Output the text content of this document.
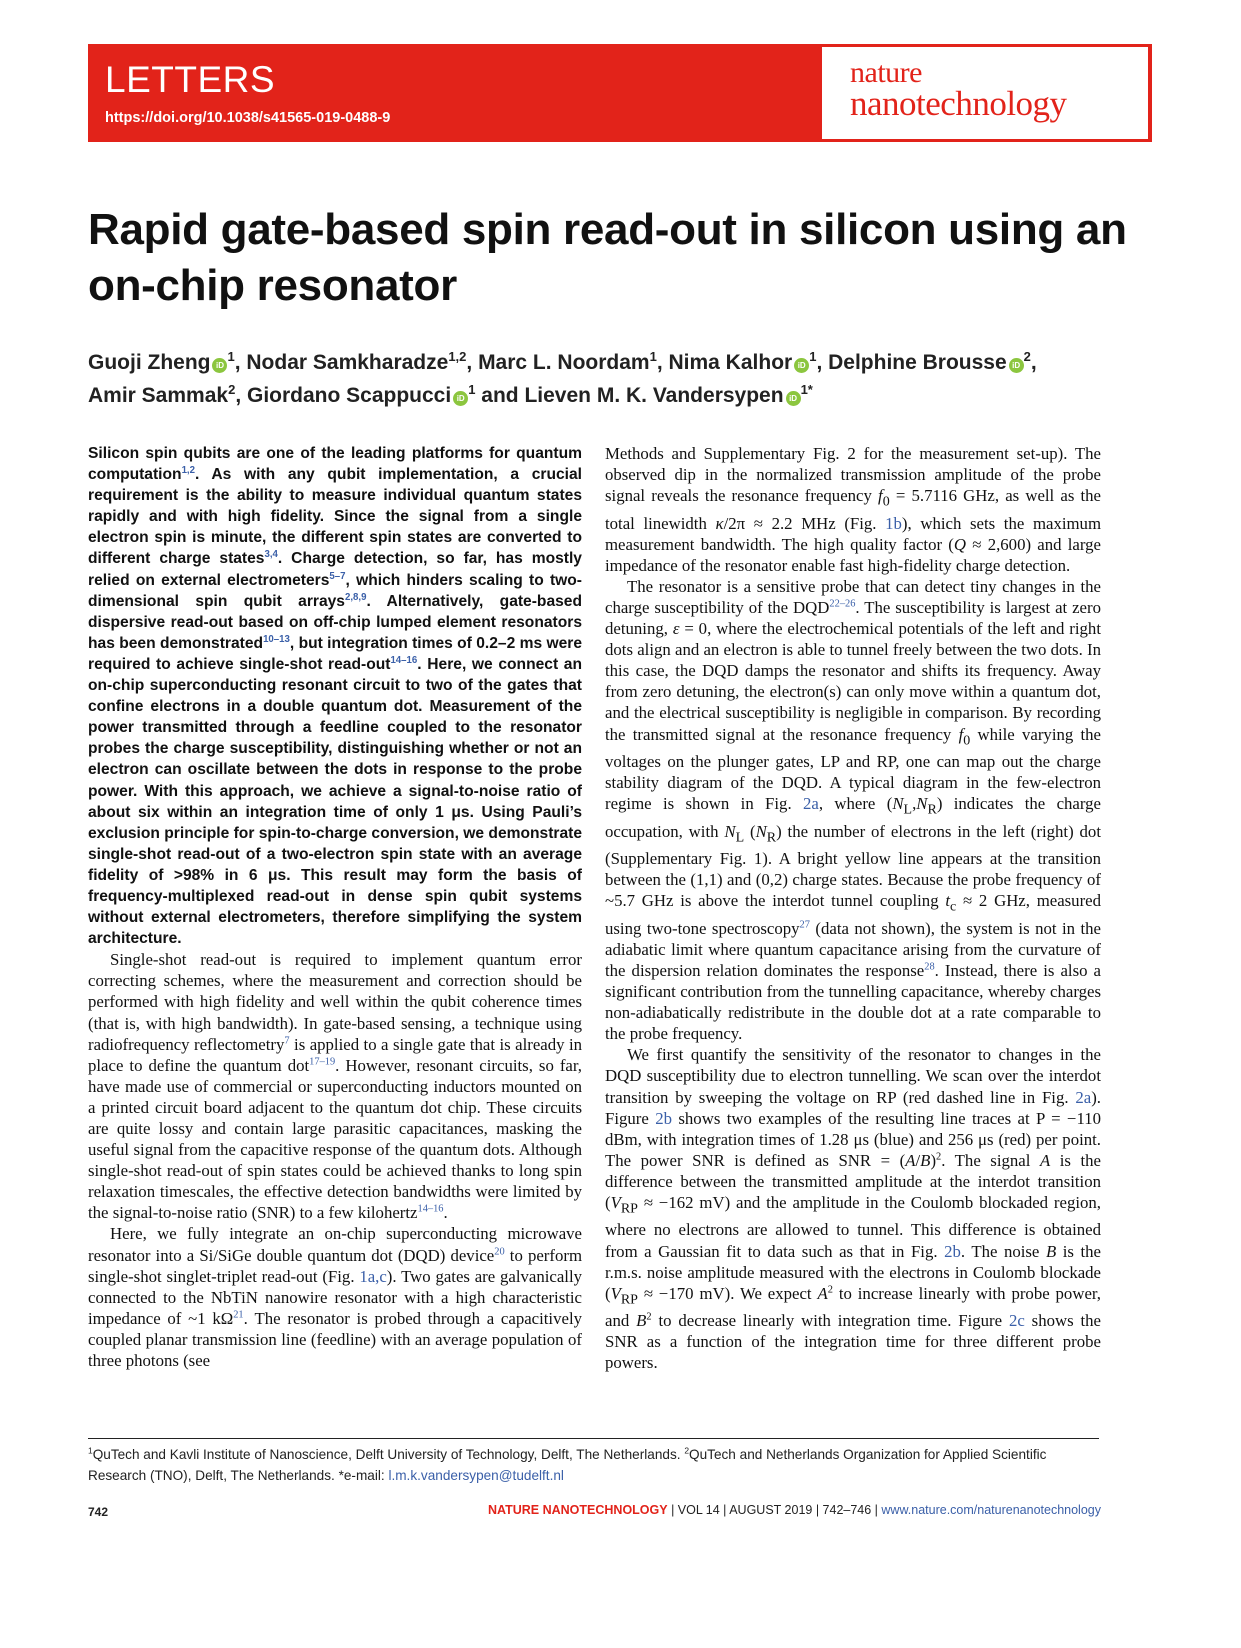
LETTERS
https://doi.org/10.1038/s41565-019-0488-9
nature
nanotechnology
Rapid gate-based spin read-out in silicon using an on-chip resonator
Guoji Zheng $iD^1$, Nodar Samkharadze$^{1,2}$, Marc L. Noordam$^1$, Nima Kalhor $iD^1$, Delphine Brousse $iD^2$,
Amir Sammak$^2$, Giordano Scappucci $iD^1$ and Lieven M. K. Vandersypen $iD^{1*}$

Silicon spin qubits are one of the leading platforms for quantum computation$^{1,2}$. As with any qubit implementation, a crucial requirement is the ability to measure individual quantum states rapidly and with high fidelity. Since the signal from a single electron spin is minute, the different spin states are converted to different charge states$^{3,4}$. Charge detection, so far, has mostly relied on external electrometers$^{5-7}$, which hinders scaling to two-dimensional spin qubit arrays$^{2,8,9}$. Alternatively, gate-based dispersive read-out based on off-chip lumped element resonators has been demonstrated$^{10-13}$, but integration times of 0.2–2 ms were required to achieve single-shot read-out$^{14-16}$. Here, we connect an on-chip superconducting resonant circuit to two of the gates that confine electrons in a double quantum dot. Measurement of the power transmitted through a feedline coupled to the resonator probes the charge susceptibility, distinguishing whether or not an electron can oscillate between the dots in response to the probe power. With this approach, we achieve a signal-to-noise ratio of about six within an integration time of only 1 μs. Using Pauli’s exclusion principle for spin-to-charge conversion, we demonstrate single-shot read-out of a two-electron spin state with an average fidelity of >98% in 6 μs. This result may form the basis of frequency-multiplexed read-out in dense spin qubit systems without external electrometers, therefore simplifying the system architecture.

Single-shot read-out is required to implement quantum error correcting schemes, where the measurement and correction should be performed with high fidelity and well within the qubit coherence times (that is, with high bandwidth). In gate-based sensing, a technique using radiofrequency reflectometry$^7$ is applied to a single gate that is already in place to define the quantum dot$^{17-19}$. However, resonant circuits, so far, have made use of commercial or superconducting inductors mounted on a printed circuit board adjacent to the quantum dot chip. These circuits are quite lossy and contain large parasitic capacitances, masking the useful signal from the capacitive response of the quantum dots. Although single-shot read-out of spin states could be achieved thanks to long spin relaxation timescales, the effective detection bandwidths were limited by the signal-to-noise ratio (SNR) to a few kilohertz$^{14-16}$.

Here, we fully integrate an on-chip superconducting microwave resonator into a Si/SiGe double quantum dot (DQD) device$^{20}$ to perform single-shot singlet-triplet read-out (Fig. 1a,c). Two gates are galvanically connected to the NbTiN nanowire resonator with a high characteristic impedance of ~1 $k\Omega^{21}$. The resonator is probed through a capacitively coupled planar transmission line (feedline) with an average population of three photons (see

Methods and Supplementary Fig. 2 for the measurement set-up). The observed dip in the normalized transmission amplitude of the probe signal reveals the resonance frequency $f_0 = 5.7116$ GHz, as well as the total linewidth κ/2π ≈ 2.2 MHz (Fig. 1b), which sets the maximum measurement bandwidth. The high quality factor (Q ≈ 2,600) and large impedance of the resonator enable fast high-fidelity charge detection.

The resonator is a sensitive probe that can detect tiny changes in the charge susceptibility of the DQD$^{22-26}$. The susceptibility is largest at zero detuning, ε = 0, where the electrochemical potentials of the left and right dots align and an electron is able to tunnel freely between the two dots. In this case, the DQD damps the resonator and shifts its frequency. Away from zero detuning, the electron(s) can only move within a quantum dot, and the electrical susceptibility is negligible in comparison. By recording the transmitted signal at the resonance frequency $f_0$ while varying the voltages on the plunger gates, LP and RP, one can map out the charge stability diagram of the DQD. A typical diagram in the few-electron regime is shown in Fig. 2a, where $(N_L,N_R)$ indicates the charge occupation, with $N_L$ $(N_R)$ the number of electrons in the left (right) dot (Supplementary Fig. 1). A bright yellow line appears at the transition between the (1,1) and (0,2) charge states. Because the probe frequency of ~5.7 GHz is above the interdot tunnel coupling $t_c \approx 2$ GHz, measured using two-tone spectroscopy$^{27}$ (data not shown), the system is not in the adiabatic limit where quantum capacitance arising from the curvature of the dispersion relation dominates the response$^{28}$. Instead, there is also a significant contribution from the tunnelling capacitance, whereby charges non-adiabatically redistribute in the double dot at a rate comparable to the probe frequency.

We first quantify the sensitivity of the resonator to changes in the DQD susceptibility due to electron tunnelling. We scan over the interdot transition by sweeping the voltage on RP (red dashed line in Fig. 2a). Figure 2b shows two examples of the resulting line traces at P = −110 dBm, with integration times of 1.28 μs (blue) and 256 μs (red) per point. The power SNR is defined as SNR = $(A/B)^2$. The signal A is the difference between the transmitted amplitude at the interdot transition ($V_{RP} \approx -162$ mV) and the amplitude in the Coulomb blockaded region, where no electrons are allowed to tunnel. This difference is obtained from a Gaussian fit to data such as that in Fig. 2b. The noise B is the r.m.s. noise amplitude measured with the electrons in Coulomb blockade ($V_{RP} \approx -170$ mV). We expect $A^2$ to increase linearly with probe power, and $B^2$ to decrease linearly with integration time. Figure 2c shows the SNR as a function of the integration time for three different probe powers.

$^1$QuTech and Kavli Institute of Nanoscience, Delft University of Technology, Delft, The Netherlands. $^2$QuTech and Netherlands Organization for Applied Scientific Research (TNO), Delft, The Netherlands. *e-mail: l.m.k.vandersypen@tudelft.nl
742	NATURE NANOTECHNOLOGY | VOL 14 | AUGUST 2019 | 742–746 | www.nature.com/naturenanotechnology
